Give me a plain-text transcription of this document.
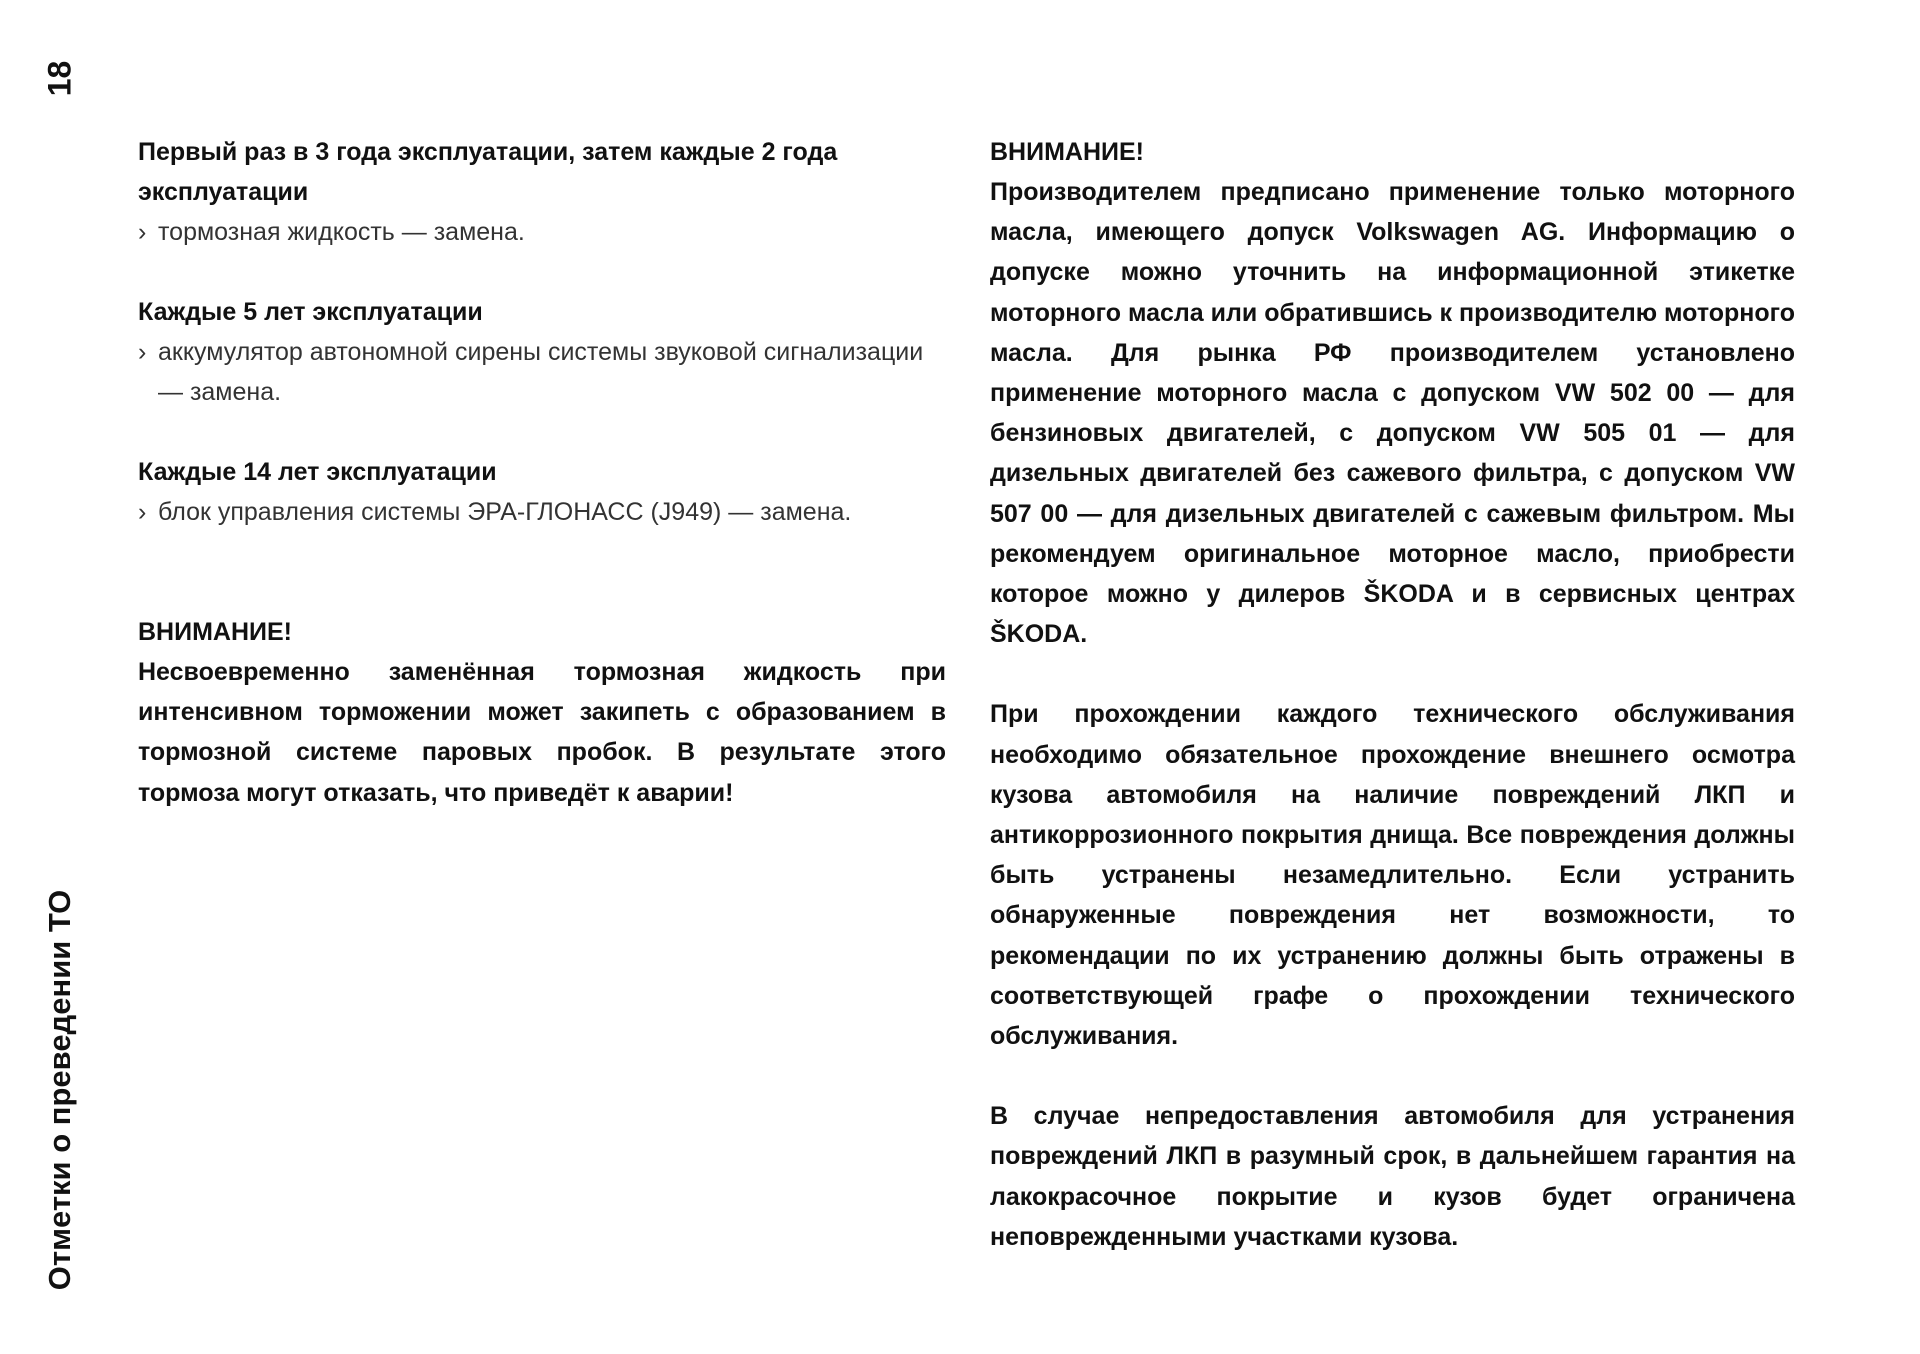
18
Отметки о преведении ТО

Первый раз в 3 года эксплуатации, затем каждые 2 года эксплуатации

› тормозная жидкость — замена.

Каждые 5 лет эксплуатации

› аккумулятор автономной сирены системы звуковой сигнализации — замена.

Каждые 14 лет эксплуатации

› блок управления системы ЭРА-ГЛОНАСС (J949) — замена.

ВНИМАНИЕ!

Несвоевременно заменённая тормозная жидкость при интенсивном торможении может закипеть с образованием в тормозной системе паровых пробок. В результате этого тормоза могут отказать, что приведёт к аварии!

ВНИМАНИЕ!

Производителем предписано применение только моторного масла, имеющего допуск Volkswagen AG. Информацию о допуске можно уточнить на информационной этикетке моторного масла или обратившись к производителю моторного масла. Для рынка РФ производителем установлено применение моторного масла с допуском VW 502 00 — для бензиновых двигателей, с допуском VW 505 01 — для дизельных двигателей без сажевого фильтра, с допуском VW 507 00 — для дизельных двигателей с сажевым фильтром. Мы рекомендуем оригинальное моторное масло, приобрести которое можно у дилеров ŠKODA и в сервисных центрах ŠKODA.

При прохождении каждого технического обслуживания необходимо обязательное прохождение внешнего осмотра кузова автомобиля на наличие повреждений ЛКП и антикоррозионного покрытия днища. Все повреждения должны быть устранены незамедлительно. Если устранить обнаруженные повреждения нет возможности, то рекомендации по их устранению должны быть отражены в соответствующей графе о прохождении технического обслуживания.

В случае непредоставления автомобиля для устранения повреждений ЛКП в разумный срок, в дальнейшем гарантия на лакокрасочное покрытие и кузов будет ограничена неповрежденными участками кузова.
